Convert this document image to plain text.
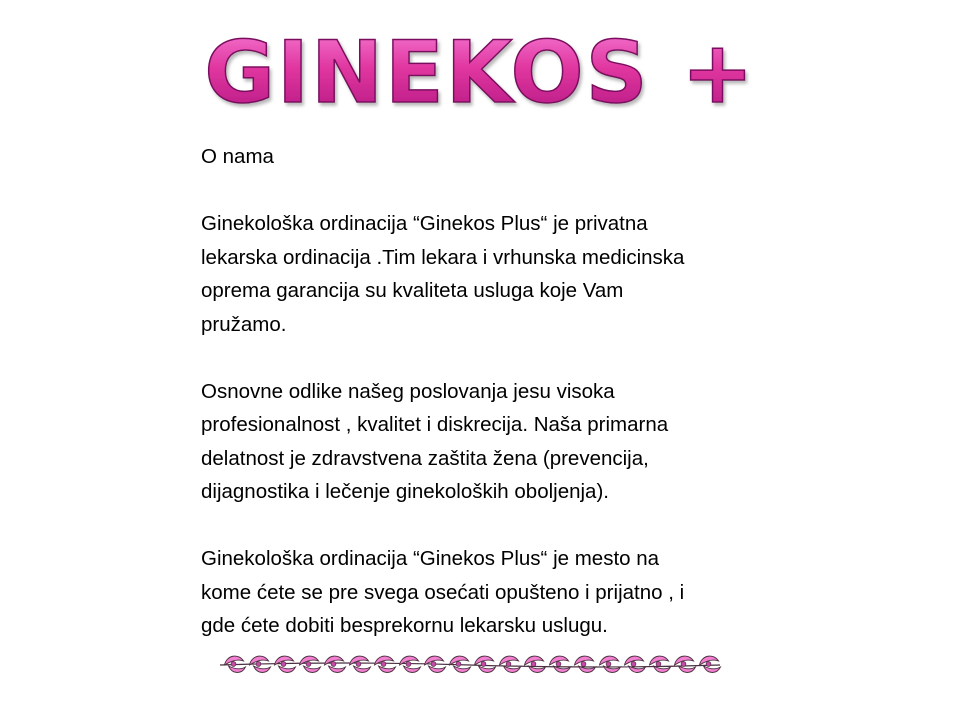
GINEKOS +

O nama

Ginekološka ordinacija “Ginekos Plus“ je privatna

lekarska ordinacija .Tim lekara i vrhunska medicinska

oprema garancija su kvaliteta usluga koje Vam

pružamo.

Osnovne odlike našeg poslovanja jesu visoka

profesionalnost , kvalitet i diskrecija. Naša primarna

delatnost je zdravstvena zaštita žena (prevencija,

dijagnostika i lečenje ginekoloških oboljenja).

Ginekološka ordinacija “Ginekos Plus“ je mesto na

kome ćete se pre svega osećati opušteno i prijatno , i

gde ćete dobiti besprekornu lekarsku uslugu.
